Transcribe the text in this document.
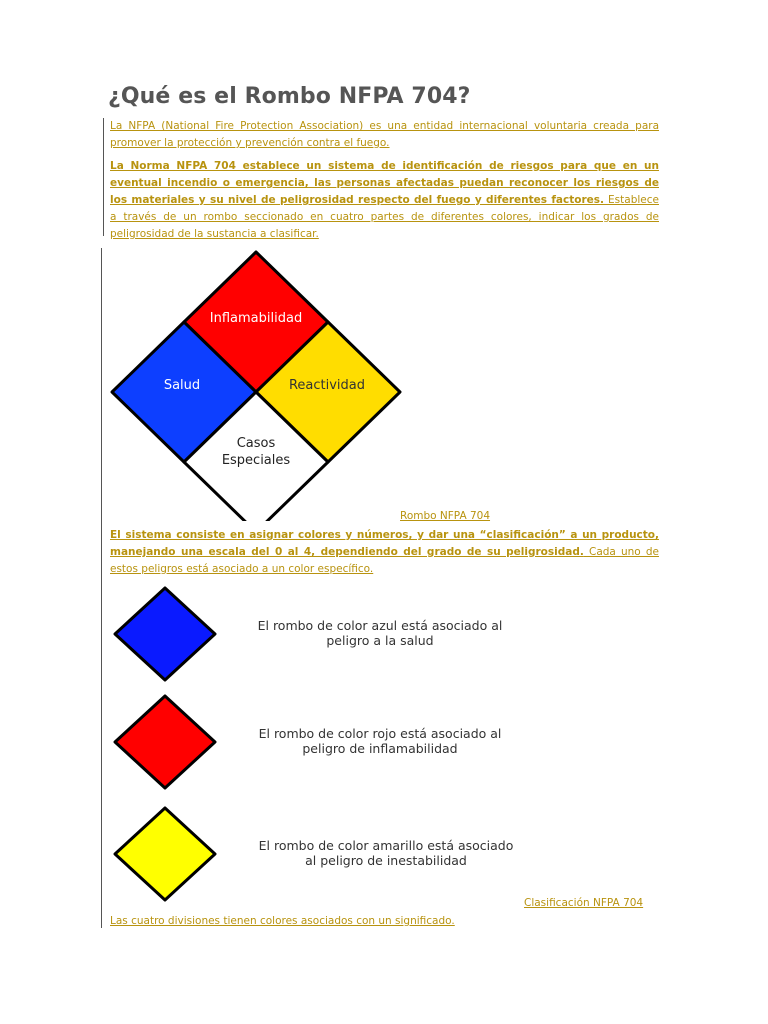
¿Qué es el Rombo NFPA 704?

La NFPA (National Fire Protection Association) es una entidad internacional voluntaria creada para promover la protección y prevención contra el fuego.

La Norma NFPA 704 establece un sistema de identificación de riesgos para que en un eventual incendio o emergencia, las personas afectadas puedan reconocer los riesgos de los materiales y su nivel de peligrosidad respecto del fuego y diferentes factores. Establece a través de un rombo seccionado en cuatro partes de diferentes colores, indicar los grados de peligrosidad de la sustancia a clasificar.

Inflamabilidad
Salud	Reactividad
Casos
Especiales
Rombo NFPA 704

El sistema consiste en asignar colores y números, y dar una “clasificación” a un producto, manejando una escala del 0 al 4, dependiendo del grado de su peligrosidad. Cada uno de estos peligros está asociado a un color específico.

El rombo de color azul está asociado al
peligro a la salud
El rombo de color rojo está asociado al
peligro de inflamabilidad
El rombo de color amarillo está asociado
al peligro de inestabilidad
Clasificación NFPA 704

Las cuatro divisiones tienen colores asociados con un significado.
